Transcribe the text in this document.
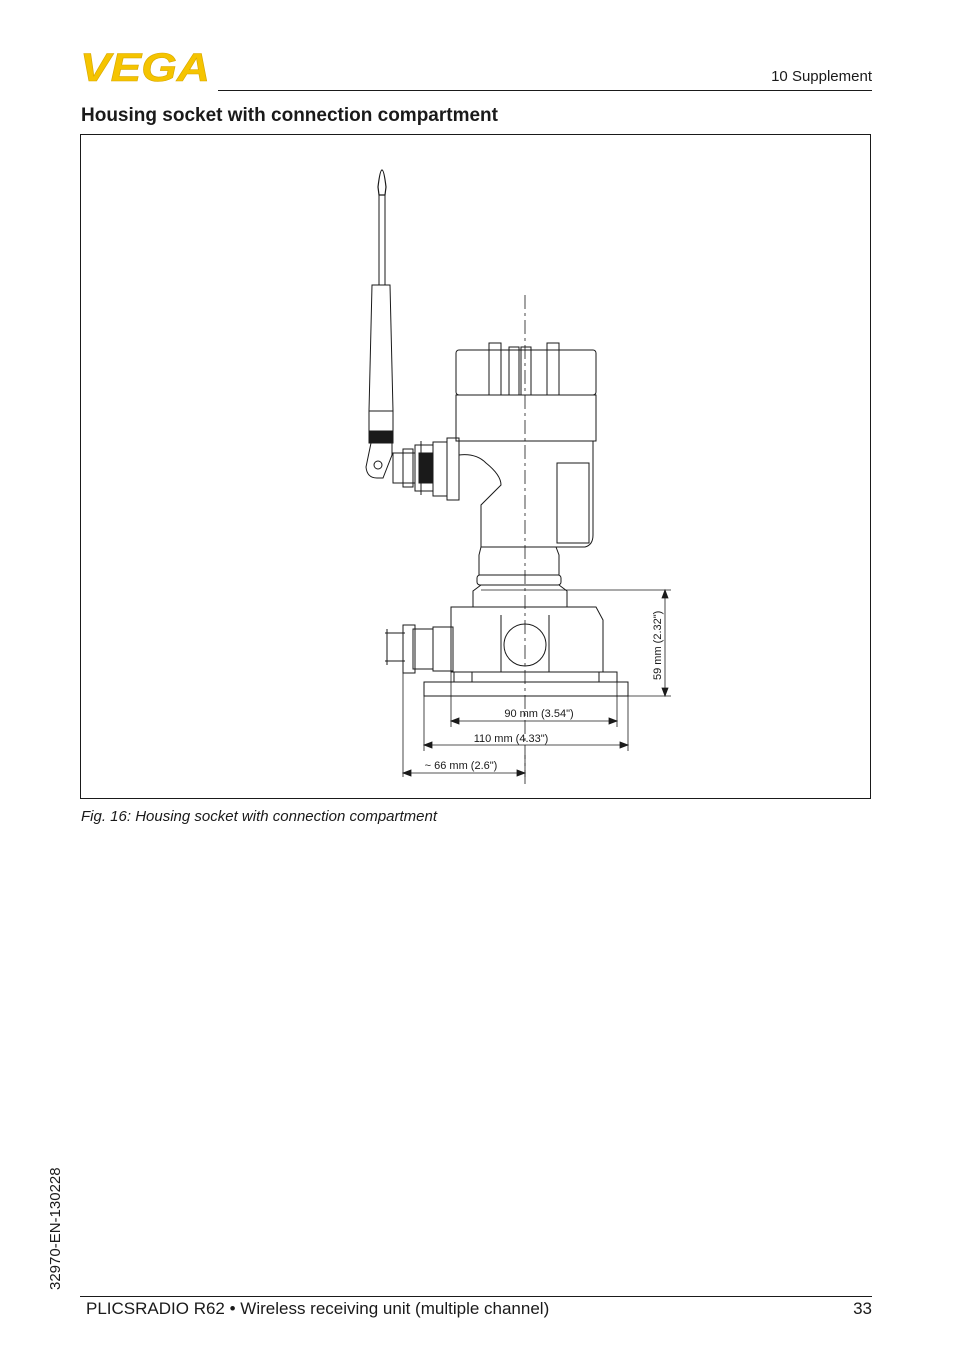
VEGA	10 Supplement
Housing socket with connection compartment
59 mm (2.32")
90 mm (3.54")
110 mm (4.33")
~ 66 mm (2.6")
Fig. 16: Housing socket with connection compartment
32970-EN-130228
PLICSRADIO R62 • Wireless receiving unit (multiple channel)	33
